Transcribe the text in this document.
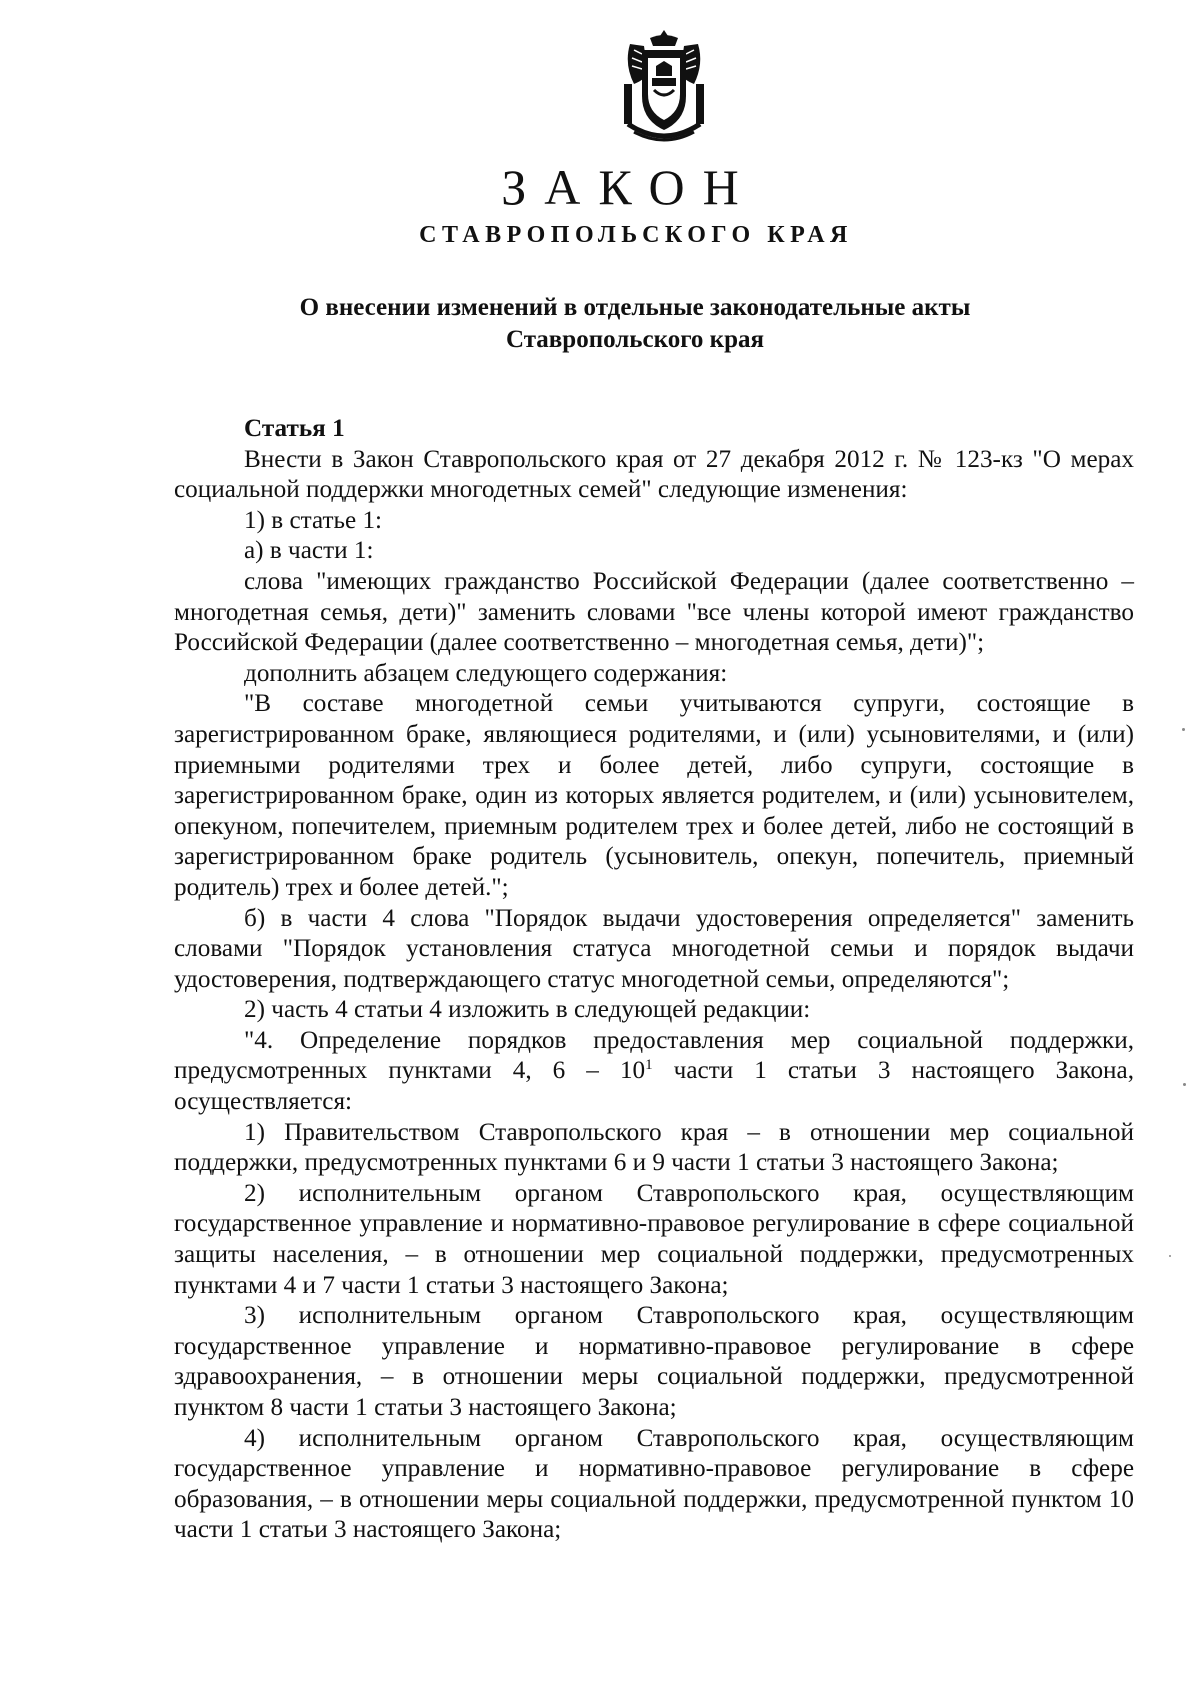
ЗАКОН
СТАВРОПОЛЬСКОГО КРАЯ
О внесении изменений в отдельные законодательные акты
Ставропольского края

Статья 1

Внести в Закон Ставропольского края от 27 декабря 2012 г. № 123-кз "О мерах социальной поддержки многодетных семей" следующие изменения:

1) в статье 1:

а) в части 1:

слова "имеющих гражданство Российской Федерации (далее соответственно – многодетная семья, дети)" заменить словами "все члены которой имеют гражданство Российской Федерации (далее соответственно – многодетная семья, дети)";

дополнить абзацем следующего содержания:

"В составе многодетной семьи учитываются супруги, состоящие в зарегистрированном браке, являющиеся родителями, и (или) усыновителями, и (или) приемными родителями трех и более детей, либо супруги, состоящие в зарегистрированном браке, один из которых является родителем, и (или) усыновителем, опекуном, попечителем, приемным родителем трех и более детей, либо не состоящий в зарегистрированном браке родитель (усыновитель, опекун, попечитель, приемный родитель) трех и более детей.";

б) в части 4 слова "Порядок выдачи удостоверения определяется" заменить словами "Порядок установления статуса многодетной семьи и порядок выдачи удостоверения, подтверждающего статус многодетной семьи, определяются";

2) часть 4 статьи 4 изложить в следующей редакции:

"4. Определение порядков предоставления мер социальной поддержки, предусмотренных пунктами 4, $6 - 10^1$ части 1 статьи 3 настоящего Закона, осуществляется:

1) Правительством Ставропольского края – в отношении мер социальной поддержки, предусмотренных пунктами 6 и 9 части 1 статьи 3 настоящего Закона;

2) исполнительным органом Ставропольского края, осуществляющим государственное управление и нормативно-правовое регулирование в сфере социальной защиты населения, – в отношении мер социальной поддержки, предусмотренных пунктами 4 и 7 части 1 статьи 3 настоящего Закона;

3) исполнительным органом Ставропольского края, осуществляющим государственное управление и нормативно-правовое регулирование в сфере здравоохранения, – в отношении меры социальной поддержки, предусмотренной пунктом 8 части 1 статьи 3 настоящего Закона;

4) исполнительным органом Ставропольского края, осуществляющим государственное управление и нормативно-правовое регулирование в сфере образования, – в отношении меры социальной поддержки, предусмотренной пунктом 10 части 1 статьи 3 настоящего Закона;
